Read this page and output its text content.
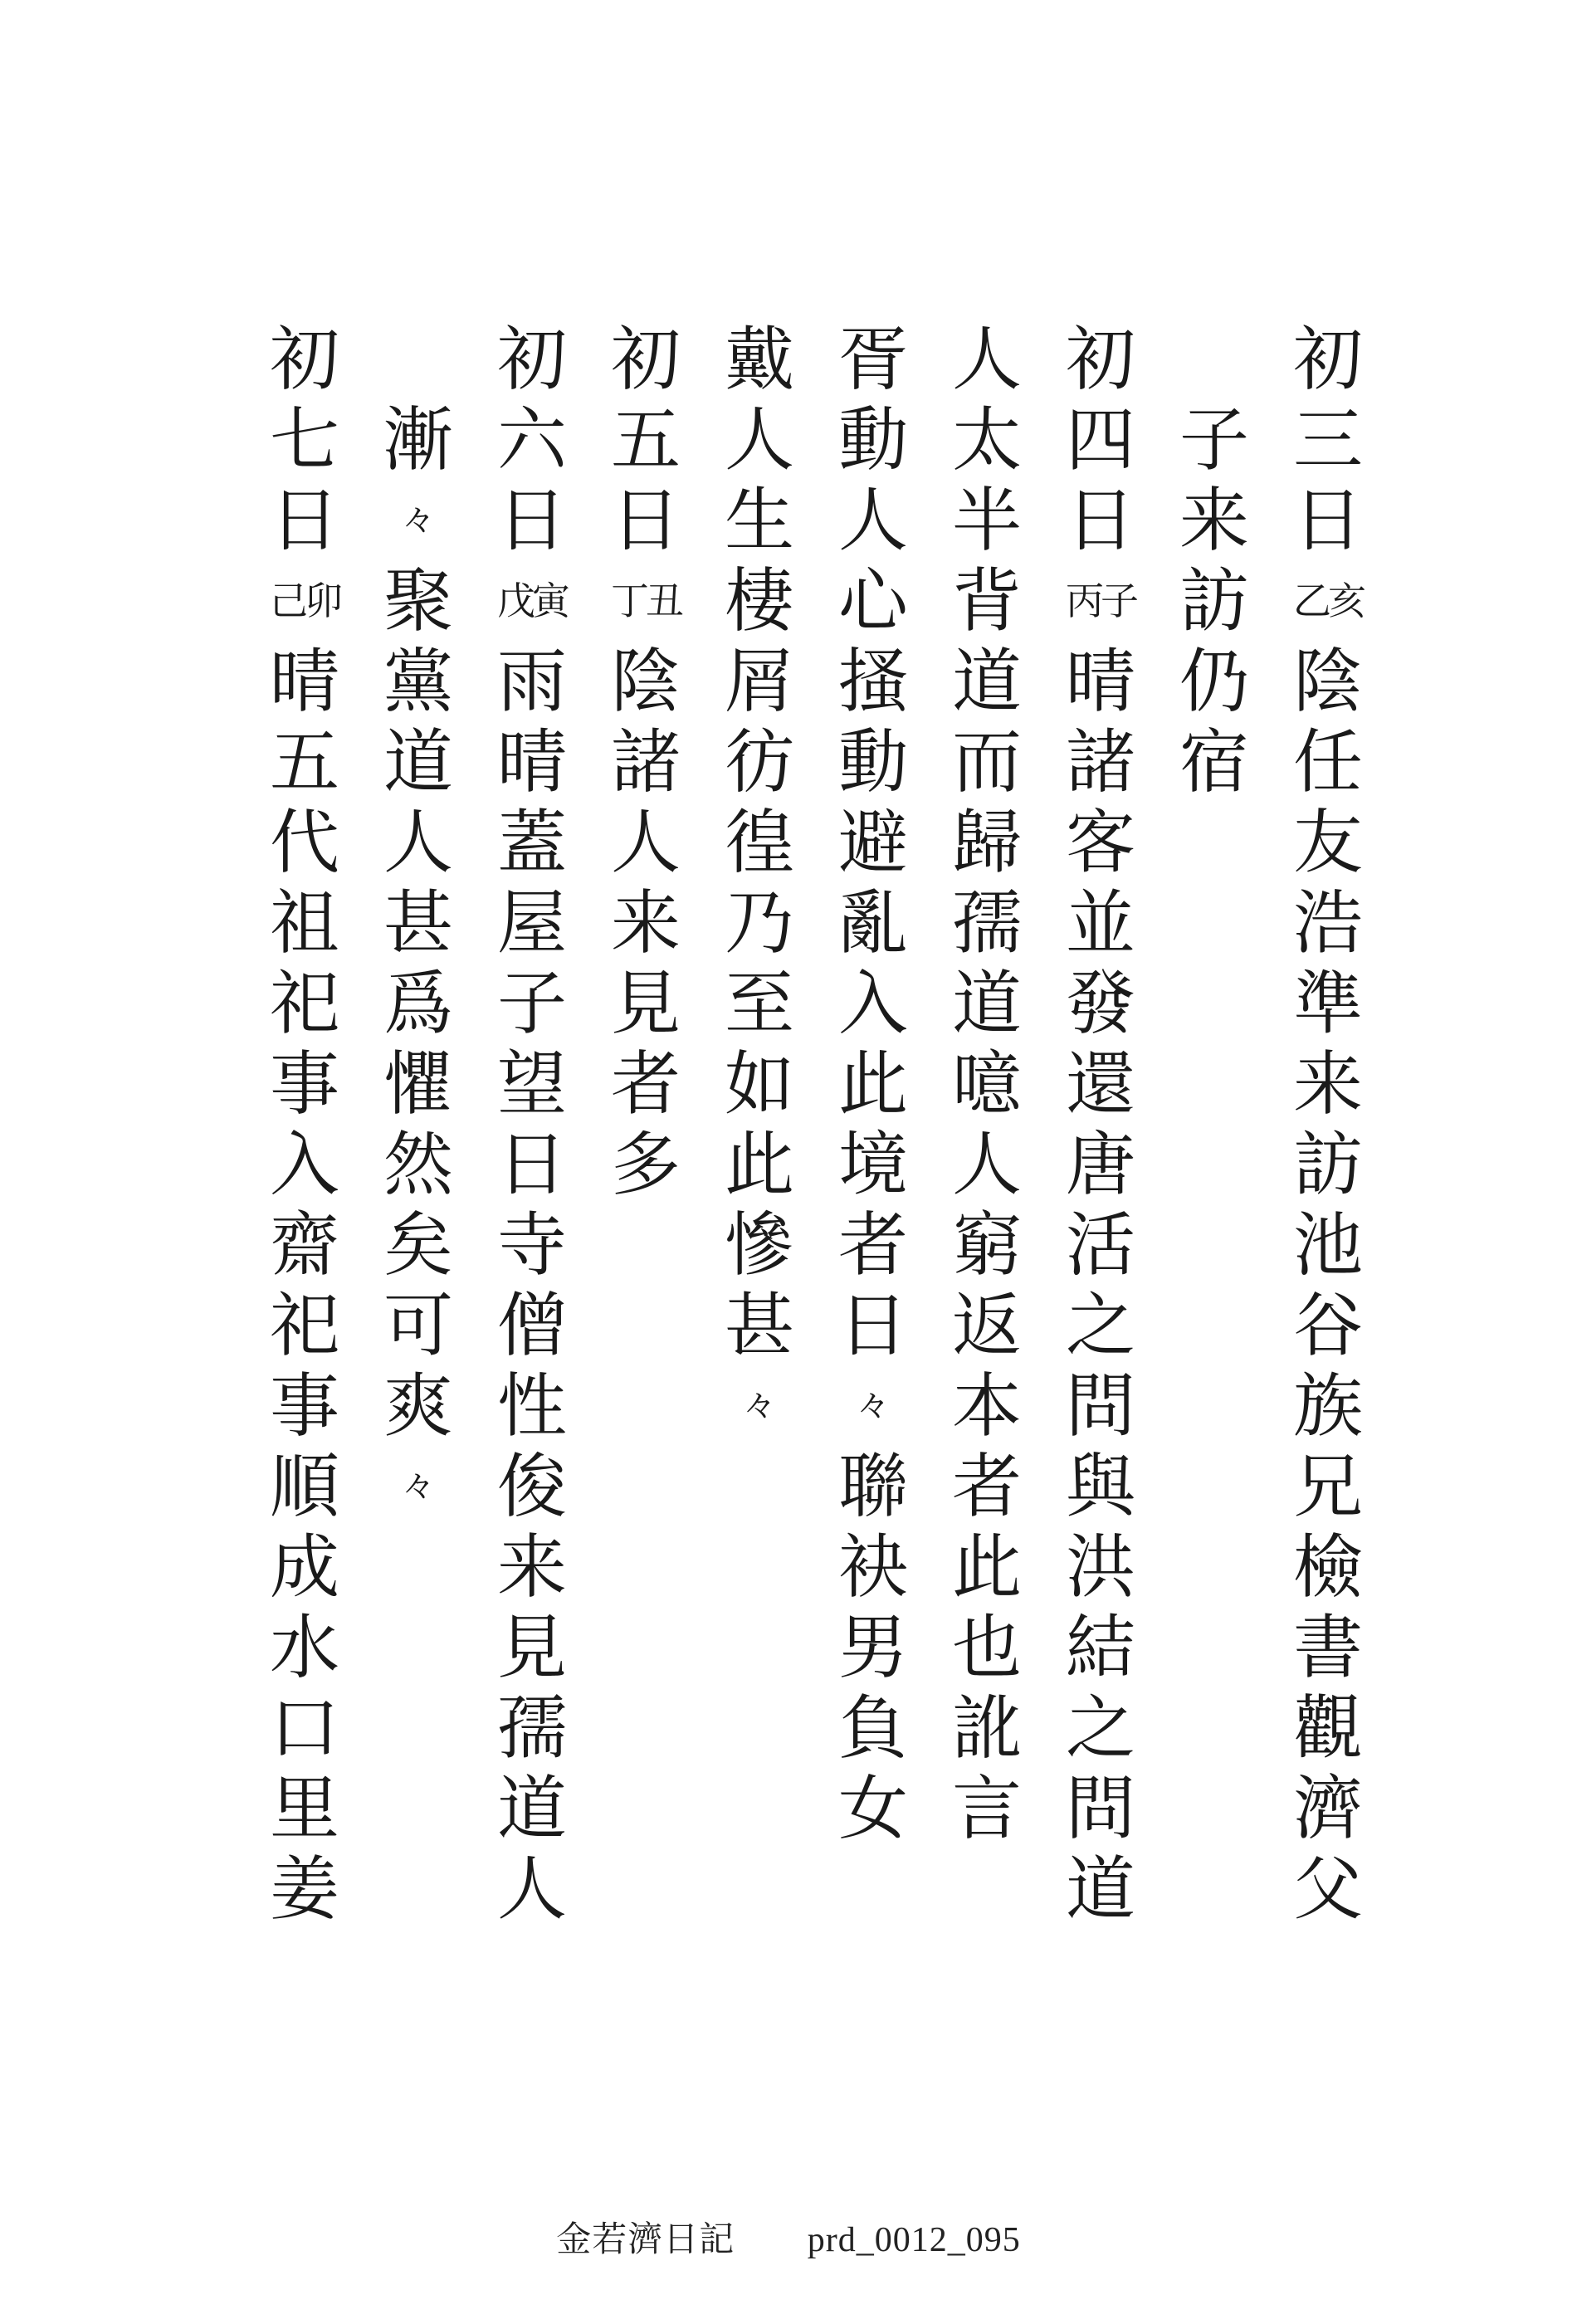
初
三
日
乙亥
陰
任
友
浩
準
来
訪
池
谷
族
兄
檢
書
觀
濟
父
子
来
訪
仍
宿
初
四
日
丙子
晴
諸
客
並
發
還
唐
活
之
問
與
洪
結
之
問
道
人
太
半
背
道
而
歸
孺
道
噫
人
窮
返
本
者
此
也
訛
言
胥
動
人
心
搔
動
避
亂
入
此
境
者
日
々
聯
袂
男
負
女
戴
人
生
棲
屑
彷
徨
乃
至
如
此
慘
甚
々
初
五
日
丁丑
陰
諸
人
来
見
者
多
初
六
日
戊寅
雨
晴
蓋
屋
子
望
日
寺
僧
性
俊
来
見
孺
道
人
漸
々
聚
黨
道
人
甚
爲
懼
然
矣
可
爽
々
初
七
日
己卯
晴
五
代
祖
祀
事
入
齋
祀
事
順
成
水
口
里
姜
金若濟日記 prd_0012_095
